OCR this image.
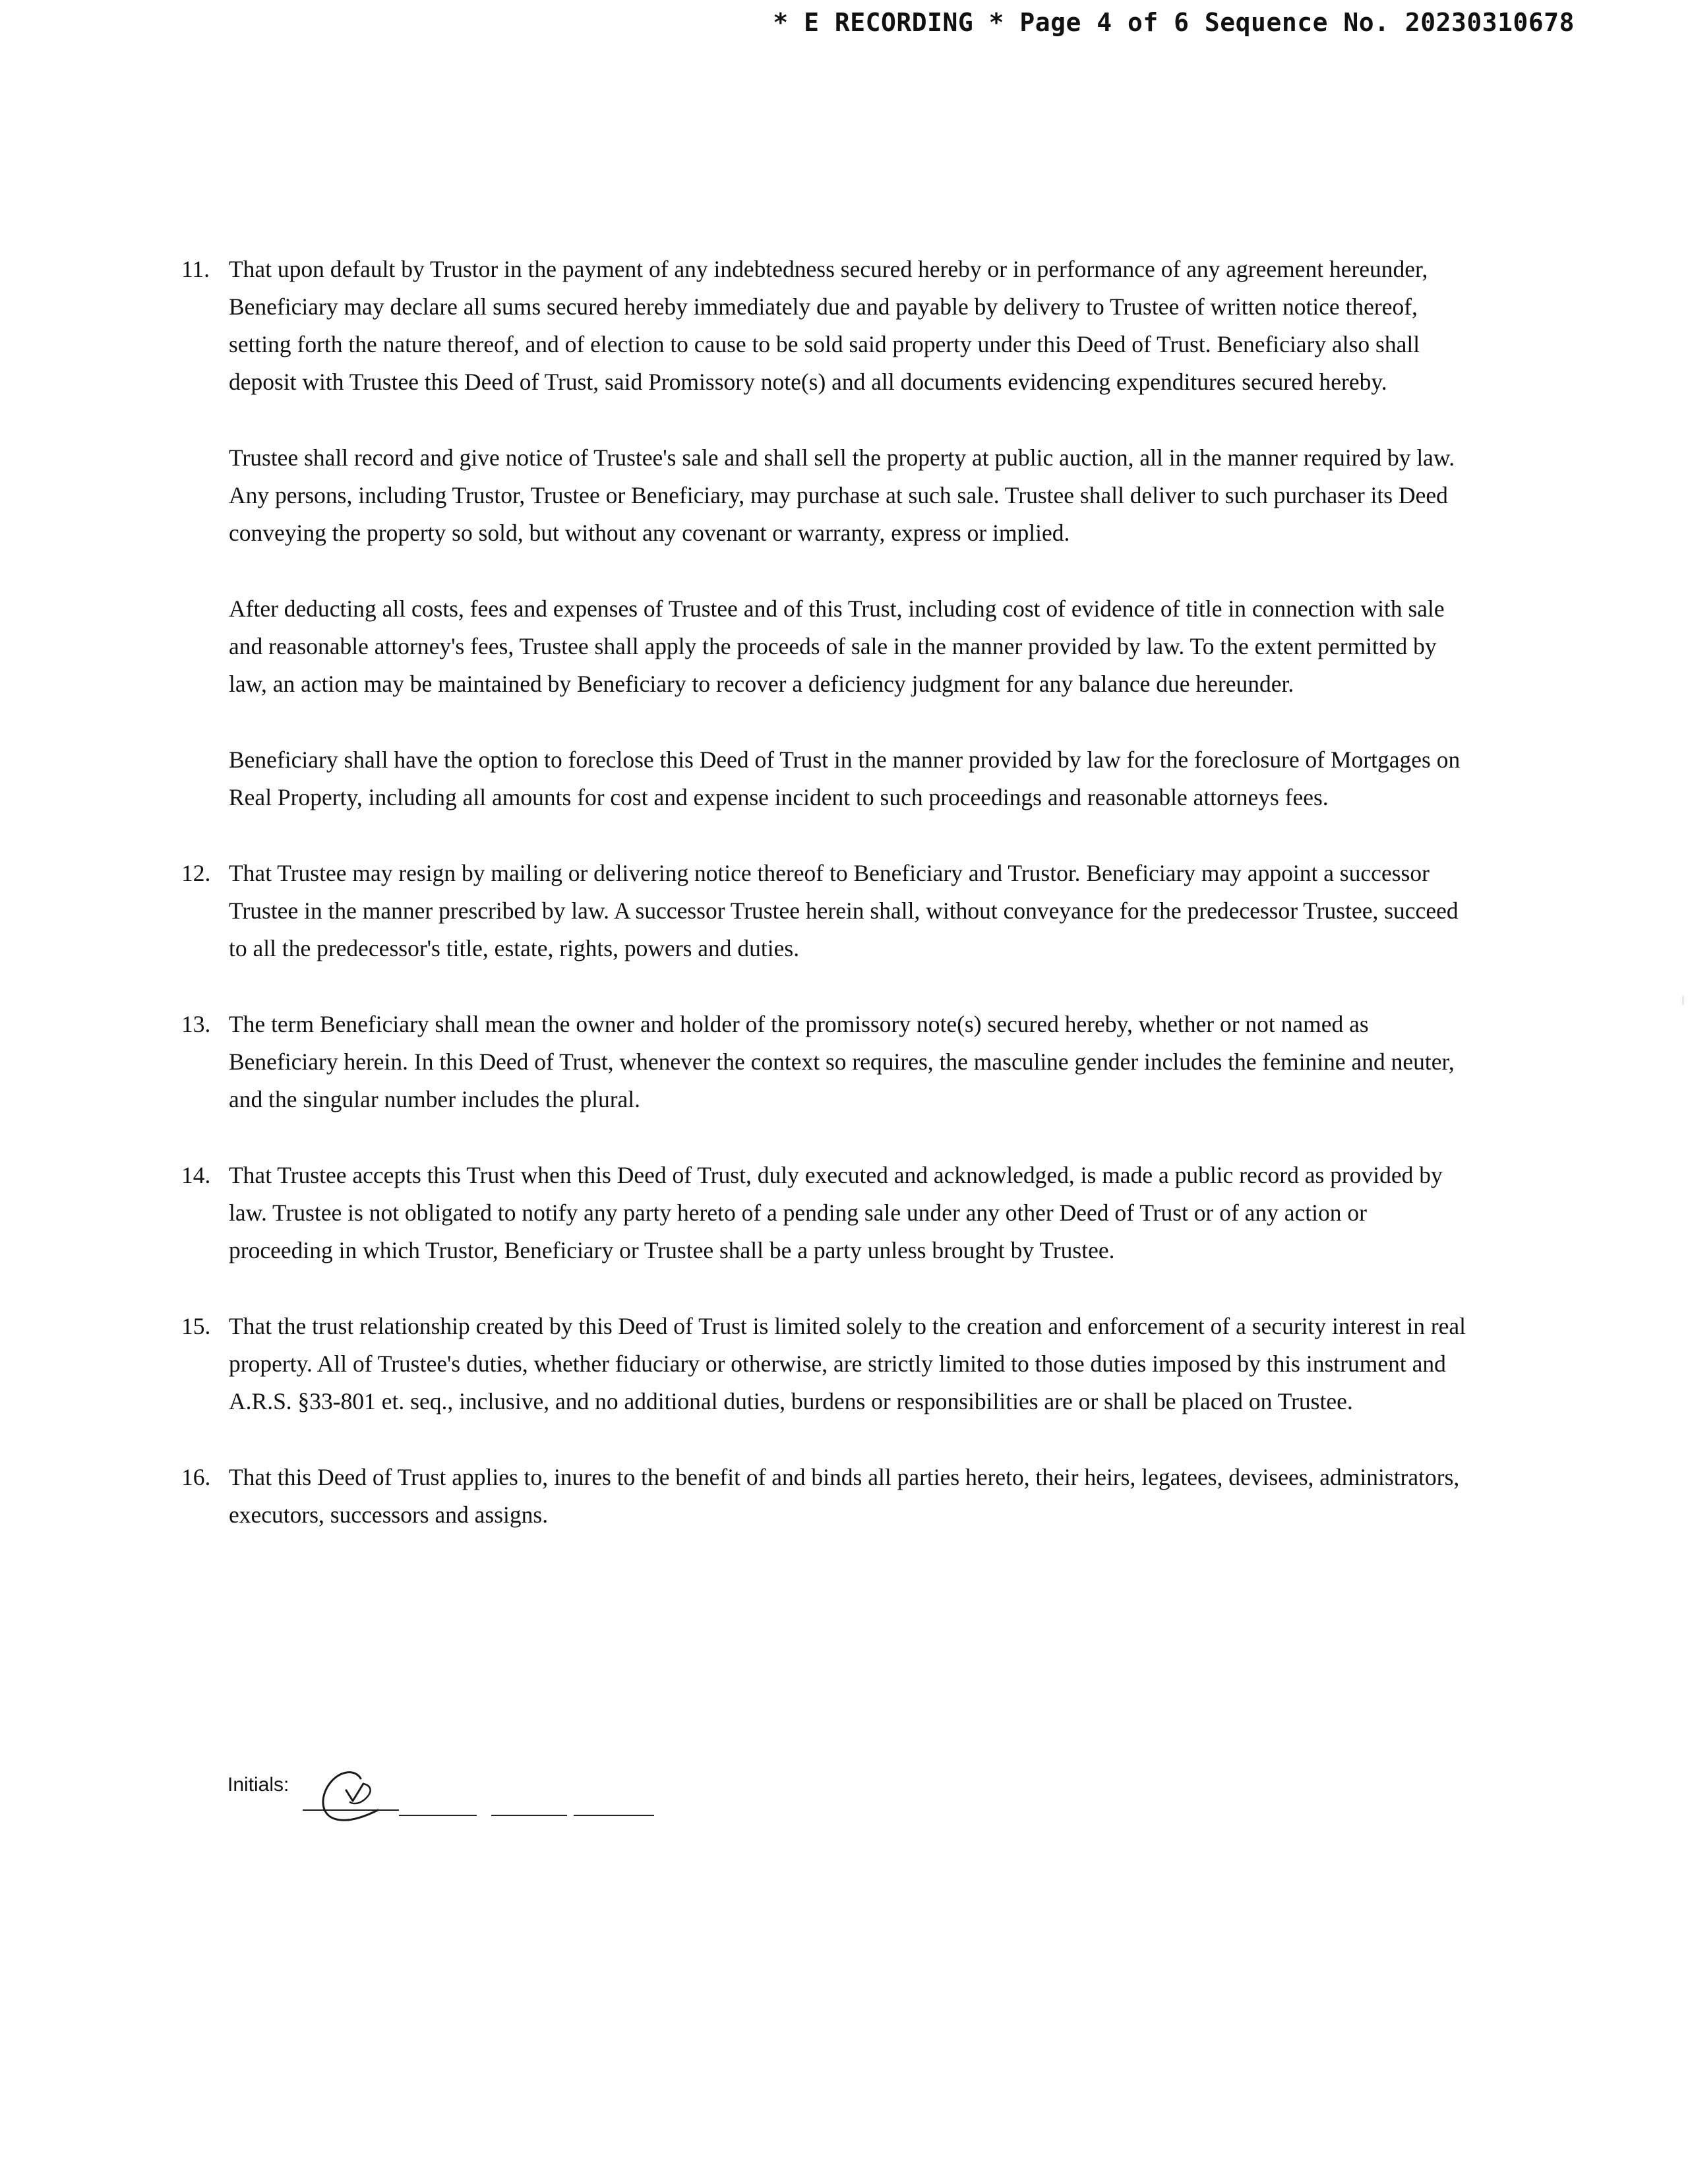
* E RECORDING * Page 4 of 6 Sequence No. 20230310678
11. That upon default by Trustor in the payment of any indebtedness secured hereby or in performance of any agreement hereunder, Beneficiary may declare all sums secured hereby immediately due and payable by delivery to Trustee of written notice thereof, setting forth the nature thereof, and of election to cause to be sold said property under this Deed of Trust. Beneficiary also shall deposit with Trustee this Deed of Trust, said Promissory note(s) and all documents evidencing expenditures secured hereby.
Trustee shall record and give notice of Trustee's sale and shall sell the property at public auction, all in the manner required by law. Any persons, including Trustor, Trustee or Beneficiary, may purchase at such sale. Trustee shall deliver to such purchaser its Deed conveying the property so sold, but without any covenant or warranty, express or implied.
After deducting all costs, fees and expenses of Trustee and of this Trust, including cost of evidence of title in connection with sale and reasonable attorney's fees, Trustee shall apply the proceeds of sale in the manner provided by law. To the extent permitted by law, an action may be maintained by Beneficiary to recover a deficiency judgment for any balance due hereunder.
Beneficiary shall have the option to foreclose this Deed of Trust in the manner provided by law for the foreclosure of Mortgages on Real Property, including all amounts for cost and expense incident to such proceedings and reasonable attorneys fees.
12. That Trustee may resign by mailing or delivering notice thereof to Beneficiary and Trustor. Beneficiary may appoint a successor Trustee in the manner prescribed by law. A successor Trustee herein shall, without conveyance for the predecessor Trustee, succeed to all the predecessor's title, estate, rights, powers and duties.
13. The term Beneficiary shall mean the owner and holder of the promissory note(s) secured hereby, whether or not named as Beneficiary herein. In this Deed of Trust, whenever the context so requires, the masculine gender includes the feminine and neuter, and the singular number includes the plural.
14. That Trustee accepts this Trust when this Deed of Trust, duly executed and acknowledged, is made a public record as provided by law. Trustee is not obligated to notify any party hereto of a pending sale under any other Deed of Trust or of any action or proceeding in which Trustor, Beneficiary or Trustee shall be a party unless brought by Trustee.
15. That the trust relationship created by this Deed of Trust is limited solely to the creation and enforcement of a security interest in real property. All of Trustee's duties, whether fiduciary or otherwise, are strictly limited to those duties imposed by this instrument and A.R.S. §33-801 et. seq., inclusive, and no additional duties, burdens or responsibilities are or shall be placed on Trustee.
16. That this Deed of Trust applies to, inures to the benefit of and binds all parties hereto, their heirs, legatees, devisees, administrators, executors, successors and assigns.
Initials:
